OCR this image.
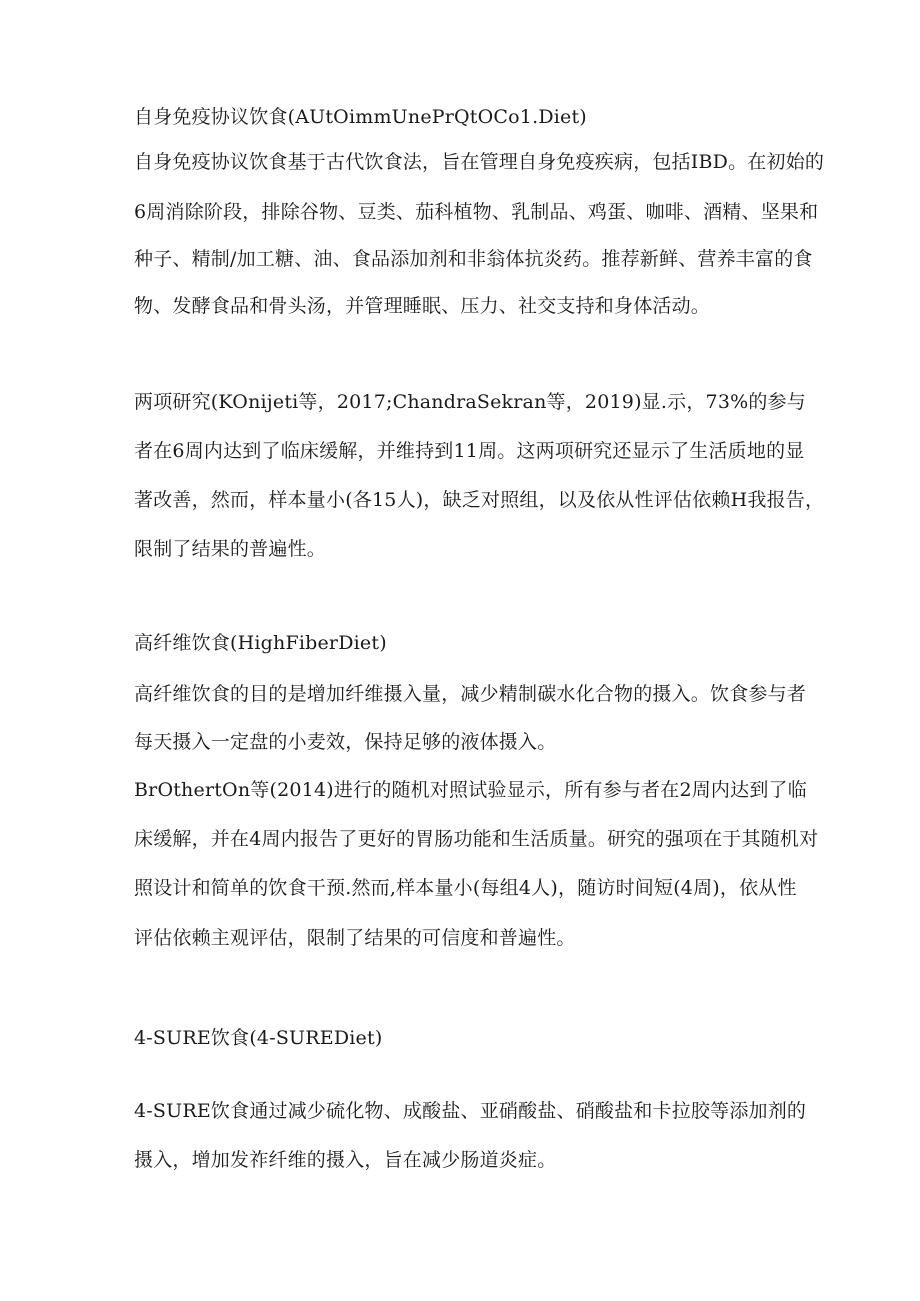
自身免疫协议饮食(AUtOimmUnePrQtOCo1.Diet)

自身免疫协议饮食基于古代饮食法，旨在管理自身免疫疾病，包括IBD。在初始的

6周消除阶段，排除谷物、豆类、茄科植物、乳制品、鸡蛋、咖啡、酒精、坚果和

种子、精制/加工糖、油、食品添加剂和非翁体抗炎药。推荐新鲜、营养丰富的食

物、发酵食品和骨头汤，并管理睡眠、压力、社交支持和身体活动。

两项研究(KOnijeti等，2017;ChandraSekran等，2019)显.示，73%的参与

者在6周内达到了临床缓解，并维持到11周。这两项研究还显示了生活质地的显

著改善，然而，样本量小(各15人)，缺乏对照组，以及依从性评估依赖H我报告，

限制了结果的普遍性。

高纤维饮食(HighFiberDiet)

高纤维饮食的目的是增加纤维摄入量，减少精制碳水化合物的摄入。饮食参与者

每天摄入一定盘的小麦效，保持足够的液体摄入。

BrOthertOn等(2014)进行的随机对照试验显示，所有参与者在2周内达到了临

床缓解，并在4周内报告了更好的胃肠功能和生活质量。研究的强项在于其随机对

照设计和简单的饮食干预.然而,样本量小(每组4人)，随访时间短(4周)，依从性

评估依赖主观评估，限制了结果的可信度和普遍性。

4-SURE饮食(4-SUREDiet)

4-SURE饮食通过减少硫化物、成酸盐、亚硝酸盐、硝酸盐和卡拉胶等添加剂的

摄入，增加发祚纤维的摄入，旨在减少肠道炎症。
